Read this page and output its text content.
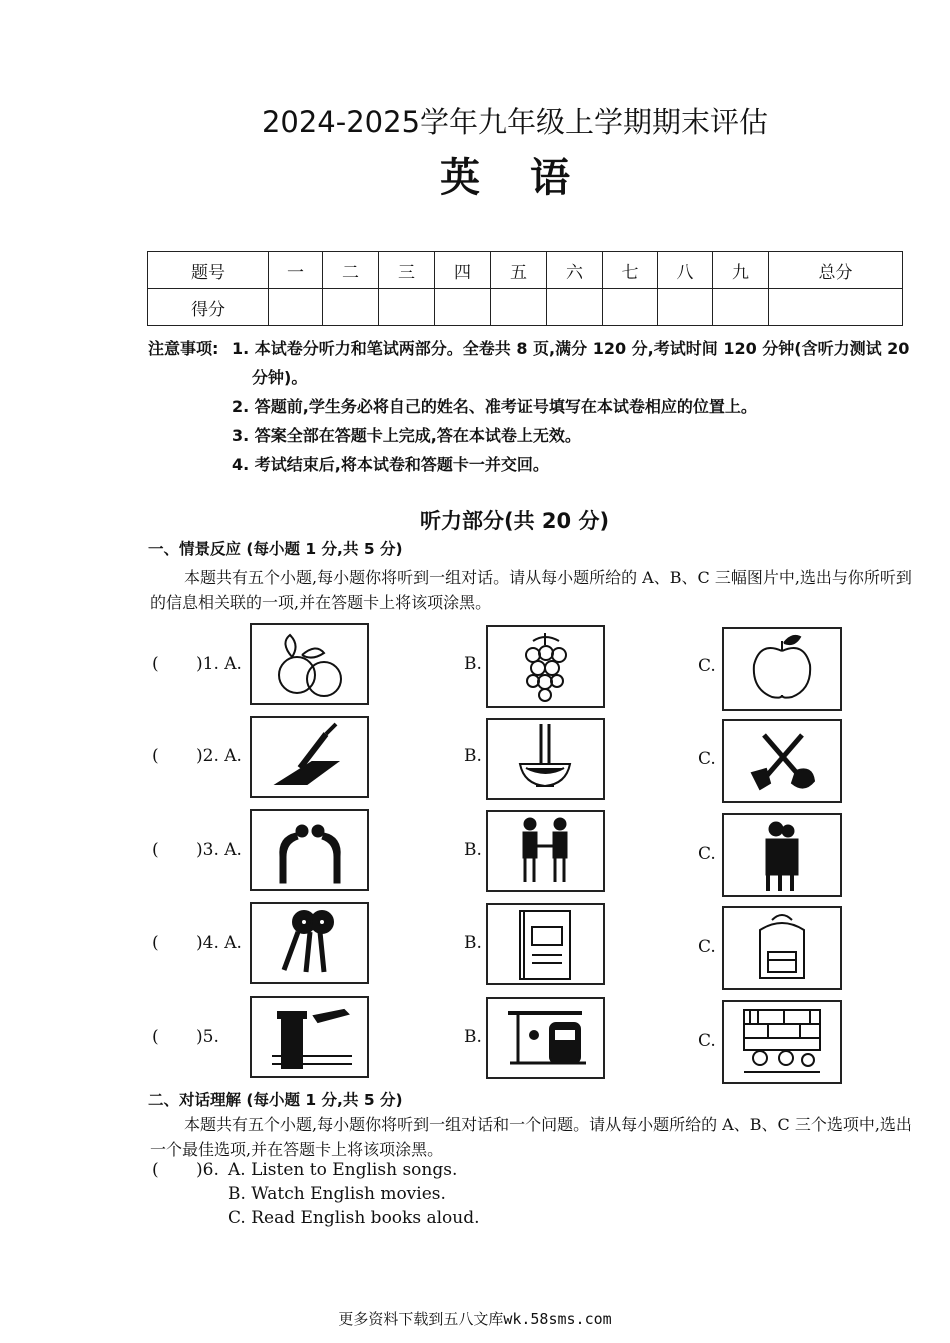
2024-2025学年九年级上学期期末评估
英语
题号	一	二	三	四	五	六	七	八	九	总分
得分										
注意事项: 1. 本试卷分听力和笔试两部分。全卷共 8 页,满分 120 分,考试时间 120 分钟(含听力测试 20 分钟)。
2. 答题前,学生务必将自己的姓名、准考证号填写在本试卷相应的位置上。
3. 答案全部在答题卡上完成,答在本试卷上无效。
4. 考试结束后,将本试卷和答题卡一并交回。
听力部分(共 20 分)
一、情景反应 (每小题 1 分,共 5 分)
本题共有五个小题,每小题你将听到一组对话。请从每小题所给的 A、B、C 三幅图片中,选出与你所听到的信息相关联的一项,并在答题卡上将该项涂黑。
( )1. A.	B.	C.
( )2. A.	B.	C.
( )3. A.	B.	C.
( )4. A.	B.	C.
( )5.	B.	C.
二、对话理解 (每小题 1 分,共 5 分)
本题共有五个小题,每小题你将听到一组对话和一个问题。请从每小题所给的 A、B、C 三个选项中,选出一个最佳选项,并在答题卡上将该项涂黑。
( )6. A. Listen to English songs.
B. Watch English movies.
C. Read English books aloud.
更多资料下载到五八文库wk.58sms.com
